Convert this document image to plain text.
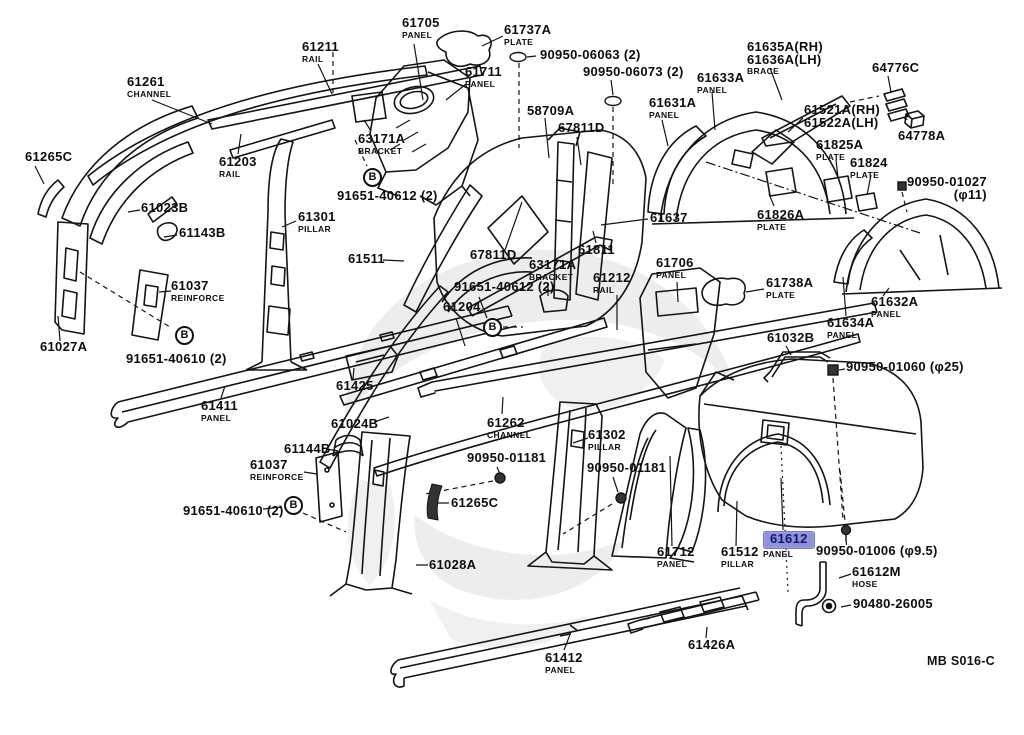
61705
PANEL	61737A
PLATE
90950-06063 (2)
90950-06073 (2)
61211
RAIL
61261
CHANNEL
61711
PANEL
61635A(RH)
61636A(LH)
BRACE
61633A
PANEL
64776C
61631A
PANEL
58709A
67811D
61521A(RH)
61522A(LH)
61825A
PLATE
64778A
61824
PLATE
61265C	61203
RAIL
63171A
BRACKET
90950-01027
(φ11)
91651-40612 (2)
61023B	61826A
PLATE
61301
PILLAR
61143B
61637
61511	67811D
63171A
BRACKET
61811
61706
PANEL
61212
RAIL
91651-40612 (2)	61738A
PLATE
61204
61634A
PANEL
61037
REINFORCE
61032B
61027A
91651-40610 (2)
90950-01060 (φ25)
61425
61411
PANEL	61024B	61262
CHANNEL
61144B
61302
PILLAR
61037
REINFORCE
90950-01181
90950-01181
91651-40610 (2)
61265C
61028A
61712
PANEL
61512
PILLAR
61612
PANEL	90950-01006 (φ9.5)
61612M
HOSE
90480-26005
61412
PANEL
61426A
61632A
PANEL
B
B
B
B
MB S016-C
